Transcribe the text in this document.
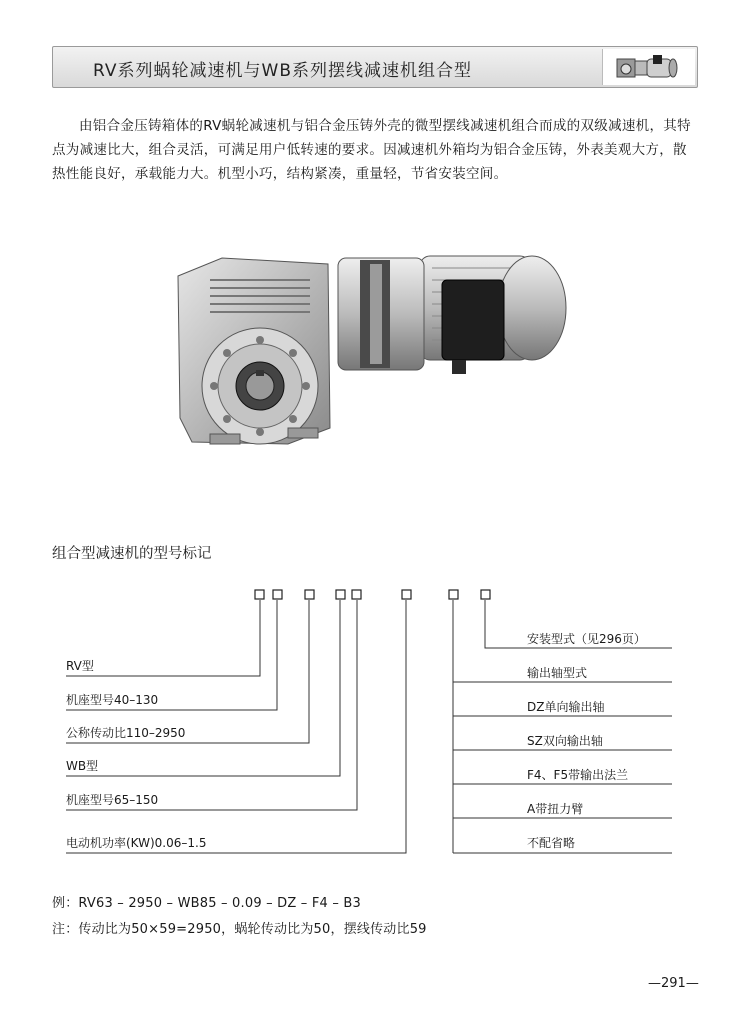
RV系列蜗轮减速机与WB系列摆线减速机组合型

由铝合金压铸箱体的RV蜗轮减速机与铝合金压铸外壳的微型摆线减速机组合而成的双级减速机，其特点为减速比大，组合灵活，可满足用户低转速的要求。因减速机外箱均为铝合金压铸，外表美观大方，散热性能良好，承载能力大。机型小巧，结构紧凑，重量轻，节省安装空间。

组合型减速机的型号标记
RV型
机座型号40–130
公称传动比110–2950
WB型
机座型号65–150
电动机功率(KW)0.06–1.5
安装型式（见296页）
输出轴型式
DZ单向输出轴
SZ双向输出轴
F4、F5带输出法兰
A带扭力臂
不配省略
例：RV63 – 2950 – WB85 – 0.09 – DZ – F4 – B3
注：传动比为50×59=2950，蜗轮传动比为50，摆线传动比59
—291—
